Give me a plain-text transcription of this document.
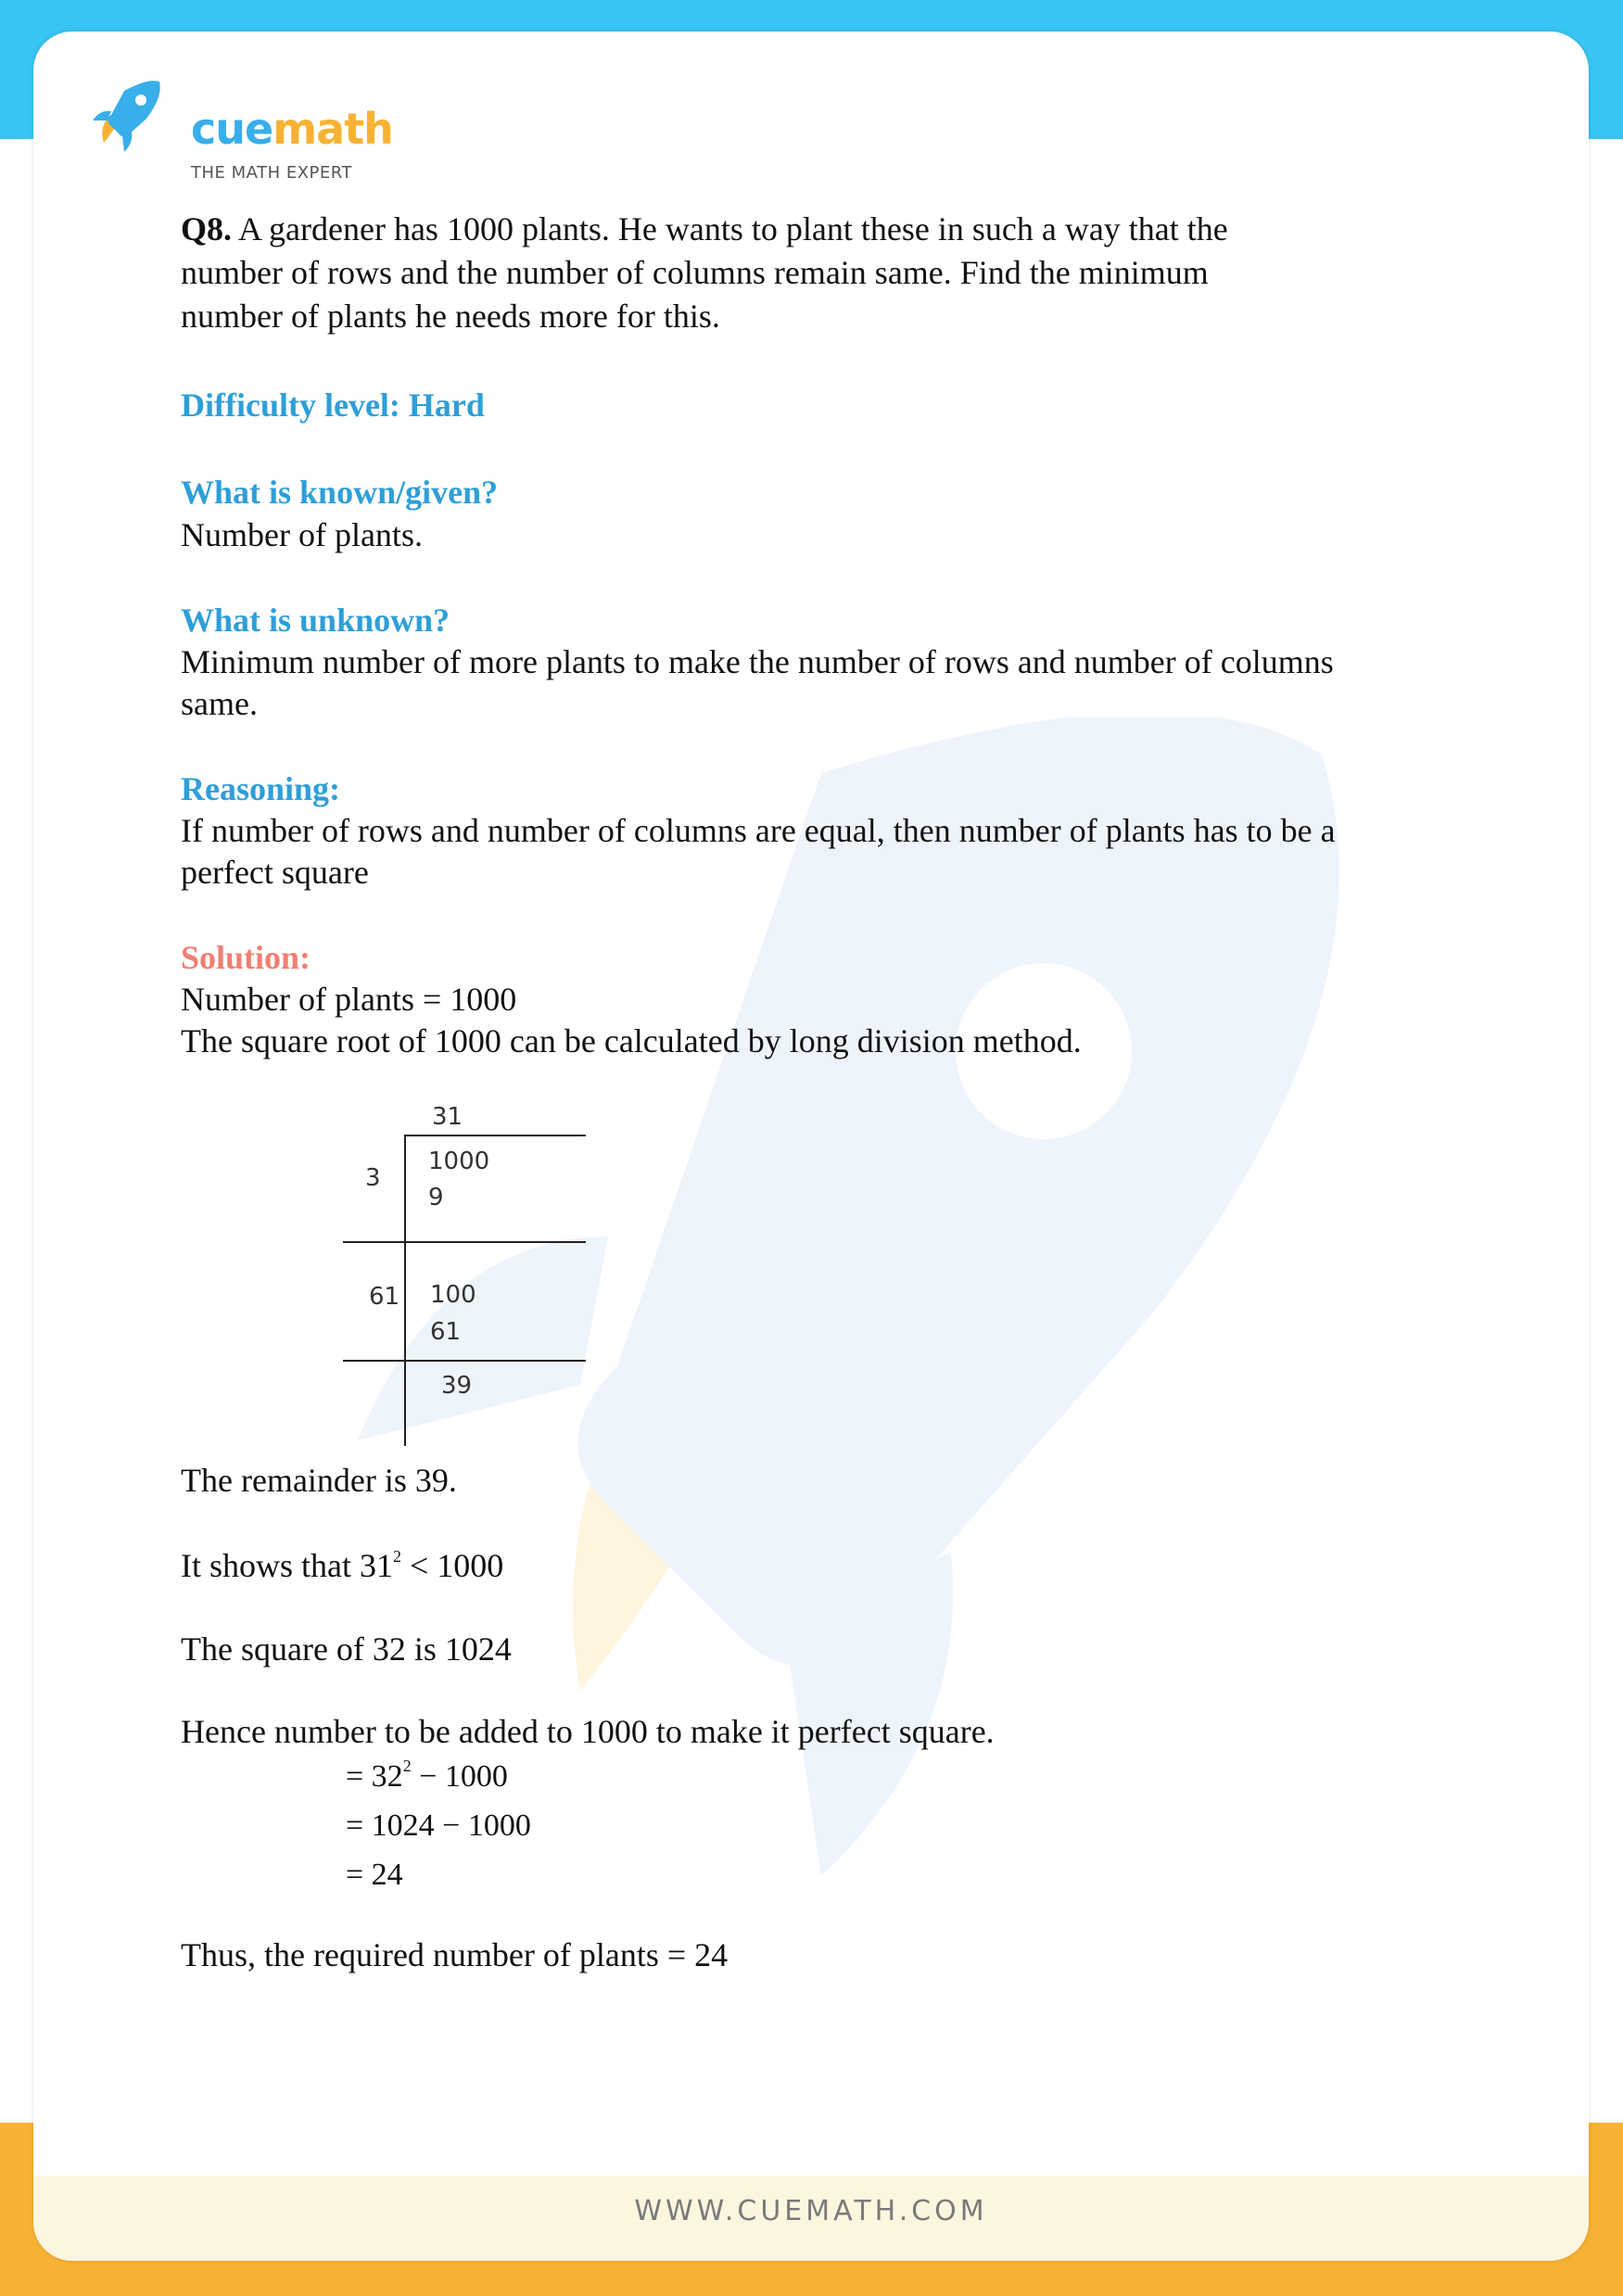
cuemath
THE MATH EXPERT

Q8. A gardener has 1000 plants. He wants to plant these in such a way that the

number of rows and the number of columns remain same. Find the minimum

number of plants he needs more for this.

Difficulty level: Hard

What is known/given?

Number of plants.

What is unknown?

Minimum number of more plants to make the number of rows and number of columns

same.

Reasoning:

If number of rows and number of columns are equal, then number of plants has to be a

perfect square

Solution:

Number of plants = 1000

The square root of 1000 can be calculated by long division method.

31
3
1000
9
61 100
61
39

The remainder is 39.

It shows that $31^2 < 1000$

The square of 32 is 1024

Hence number to be added to 1000 to make it perfect square.

= $32^2 - 1000$

= 1024 − 1000

= 24

Thus, the required number of plants = 24

WWW.CUEMATH.COM
